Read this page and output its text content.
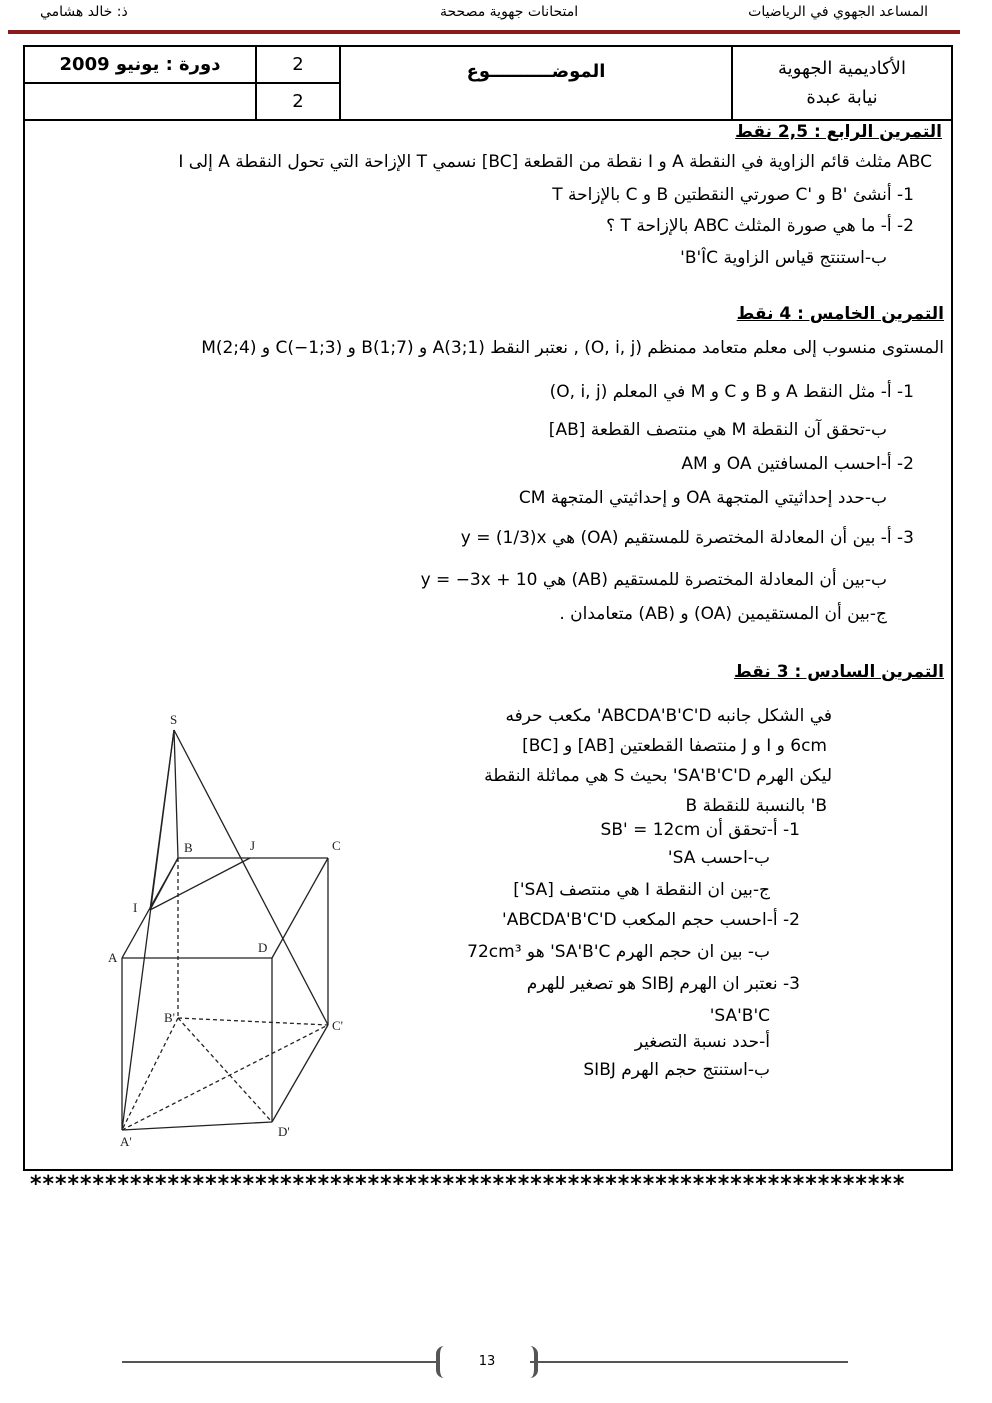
ذ: خالد هشامي	امتحانات جهوية مصححة	المساعد الجهوي في الرياضيات
دورة : يونيو 2009	2	الموضــــــــــوع	الأكاديمية الجهوية
نيابة عبدة

	2		
التمرين الرابع : 2,5 نقط
ABC مثلث قائم الزاوية في النقطة A و I نقطة من القطعة [BC] نسمي T الإزاحة التي تحول النقطة A إلى I
1- أنشئ 'B و 'C صورتي النقطتين B و C بالإزاحة T
2- أ- ما هي صورة المثلث ABC بالإزاحة T ؟
ب-استنتج قياس الزاوية B'ÎC'
التمرين الخامس : 4 نقط
المستوى منسوب إلى معلم متعامد ممنظم (O, i, j) , نعتبر النقط A(3;1) و B(1;7) و C(−1;3) و M(2;4)
1- أ- مثل النقط A و B و C و M في المعلم (O, i, j)
ب-تحقق آن النقطة M هي منتصف القطعة [AB]
2- أ-احسب المسافتين OA و AM
ب-حدد إحداثيتي المتجهة OA و إحداثيتي المتجهة CM
3- أ- بين أن المعادلة المختصرة للمستقيم (OA) هي y = (1/3)x
ب-بين أن المعادلة المختصرة للمستقيم (AB) هي y = −3x + 10
ج-بين أن المستقيمين (OA) و (AB) متعامدان .
التمرين السادس : 3 نقط
في الشكل جانبه ABCDA'B'C'D' مكعب حرفه
6cm و I و J منتصفا القطعتين [AB] و [BC]
ليكن الهرم SA'B'C'D' بحيث S هي مماثلة النقطة
B' بالنسبة للنقطة B
1- أ-تحقق أن SB' = 12cm
ب-احسب SA'
ج-بين ان النقطة I هي منتصف [SA']
2- أ-احسب حجم المكعب ABCDA'B'C'D'
ب- بين ان حجم الهرم SA'B'C' هو 72cm³
3- نعتبر ان الهرم SIBJ هو تصغير للهرم
SA'B'C'
أ-حدد نسبة التصغير
ب-استنتج حجم الهرم SIBJ
S
B	J	C
I
A
D
B'
C'
A'
D'
**********************************************************************
13
